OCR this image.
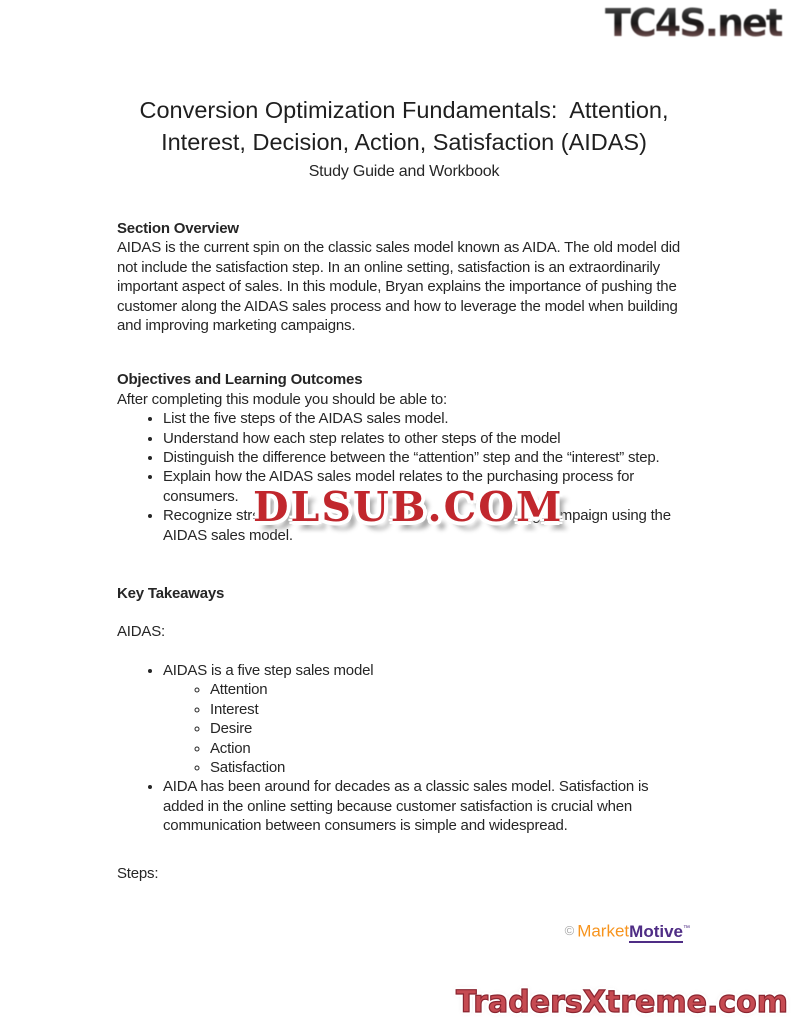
TC4S.net
Conversion Optimization Fundamentals:  Attention,
Interest, Decision, Action, Satisfaction (AIDAS)
Study Guide and Workbook

Section Overview

AIDAS is the current spin on the classic sales model known as AIDA. The old model did not include the satisfaction step. In an online setting, satisfaction is an extraordinarily important aspect of sales. In this module, Bryan explains the importance of pushing the customer along the AIDAS sales process and how to leverage the model when building and improving marketing campaigns.

Objectives and Learning Outcomes

After completing this module you should be able to:

• List the five steps of the AIDAS sales model.
• Understand how each step relates to other steps of the model
• Distinguish the difference between the “attention” step and the “interest” step.
• Explain how the AIDAS sales model relates to the purchasing process for consumers.
• Recognize stre	g campaign using the
AIDAS sales model.

Key Takeaways

AIDAS:

• AIDAS is a five step sales model
◦ Attention
◦ Interest
◦ Desire
◦ Action
◦ Satisfaction
• AIDA has been around for decades as a classic sales model. Satisfaction is added in the online setting because customer satisfaction is crucial when communication between consumers is simple and widespread.

Steps:

DLSUB.COM
© MarketMotive™
TradersXtreme.com
